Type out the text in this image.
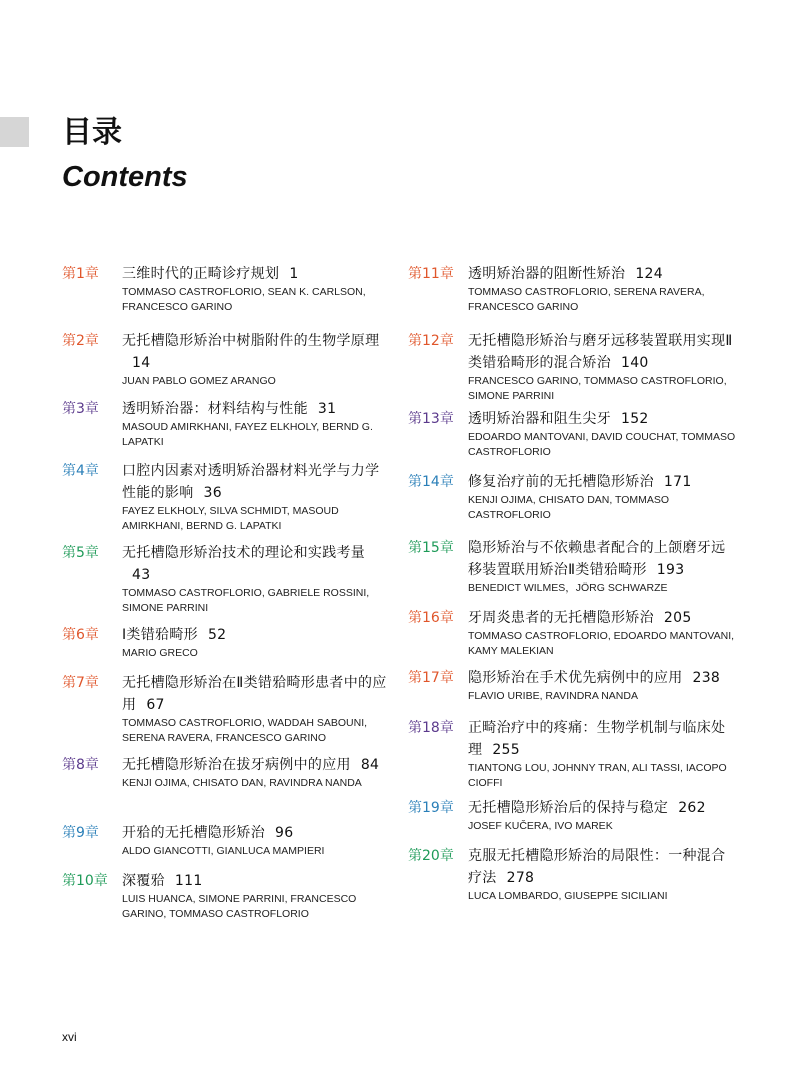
目录
Contents
第1章 三维时代的正畸诊疗规划 1

TOMMASO CASTROFLORIO, SEAN K. CARLSON, FRANCESCO GARINO

第2章 无托槽隐形矫治中树脂附件的生物学原理14

JUAN PABLO GOMEZ ARANGO

第3章 透明矫治器：材料结构与性能 31

MASOUD AMIRKHANI, FAYEZ ELKHOLY, BERND G. LAPATKI

第4章 口腔内因素对透明矫治器材料光学与力学性能的影响 36

FAYEZ ELKHOLY, SILVA SCHMIDT, MASOUD AMIRKHANI, BERND G. LAPATKI

第5章 无托槽隐形矫治技术的理论和实践考量43

TOMMASO CASTROFLORIO, GABRIELE ROSSINI, SIMONE PARRINI

第6章 Ⅰ类错𬌗畸形 52

MARIO GRECO

第7章 无托槽隐形矫治在Ⅱ类错𬌗畸形患者中的应用 67

TOMMASO CASTROFLORIO, WADDAH SABOUNI, SERENA RAVERA, FRANCESCO GARINO

第8章 无托槽隐形矫治在拔牙病例中的应用 84

KENJI OJIMA, CHISATO DAN, RAVINDRA NANDA

第9章 开𬌗的无托槽隐形矫治 96

ALDO GIANCOTTI, GIANLUCA MAMPIERI

第10章 深覆𬌗 111

LUIS HUANCA, SIMONE PARRINI, FRANCESCO GARINO, TOMMASO CASTROFLORIO

第11章 透明矫治器的阻断性矫治 124

TOMMASO CASTROFLORIO, SERENA RAVERA, FRANCESCO GARINO

第12章 无托槽隐形矫治与磨牙远移装置联用实现Ⅱ类错𬌗畸形的混合矫治 140

FRANCESCO GARINO, TOMMASO CASTROFLORIO, SIMONE PARRINI

第13章 透明矫治器和阻生尖牙 152

EDOARDO MANTOVANI, DAVID COUCHAT, TOMMASO CASTROFLORIO

第14章 修复治疗前的无托槽隐形矫治 171

KENJI OJIMA, CHISATO DAN, TOMMASO CASTROFLORIO

第15章 隐形矫治与不依赖患者配合的上颌磨牙远移装置联用矫治Ⅱ类错𬌗畸形 193

BENEDICT WILMES，JÖRG SCHWARZE

第16章 牙周炎患者的无托槽隐形矫治 205

TOMMASO CASTROFLORIO, EDOARDO MANTOVANI, KAMY MALEKIAN

第17章 隐形矫治在手术优先病例中的应用 238

FLAVIO URIBE, RAVINDRA NANDA

第18章 正畸治疗中的疼痛：生物学机制与临床处理 255

TIANTONG LOU, JOHNNY TRAN, ALI TASSI, IACOPO CIOFFI

第19章 无托槽隐形矫治后的保持与稳定 262

JOSEF KUČERA, IVO MAREK

第20章 克服无托槽隐形矫治的局限性：一种混合疗法 278

LUCA LOMBARDO, GIUSEPPE SICILIANI

xvi
